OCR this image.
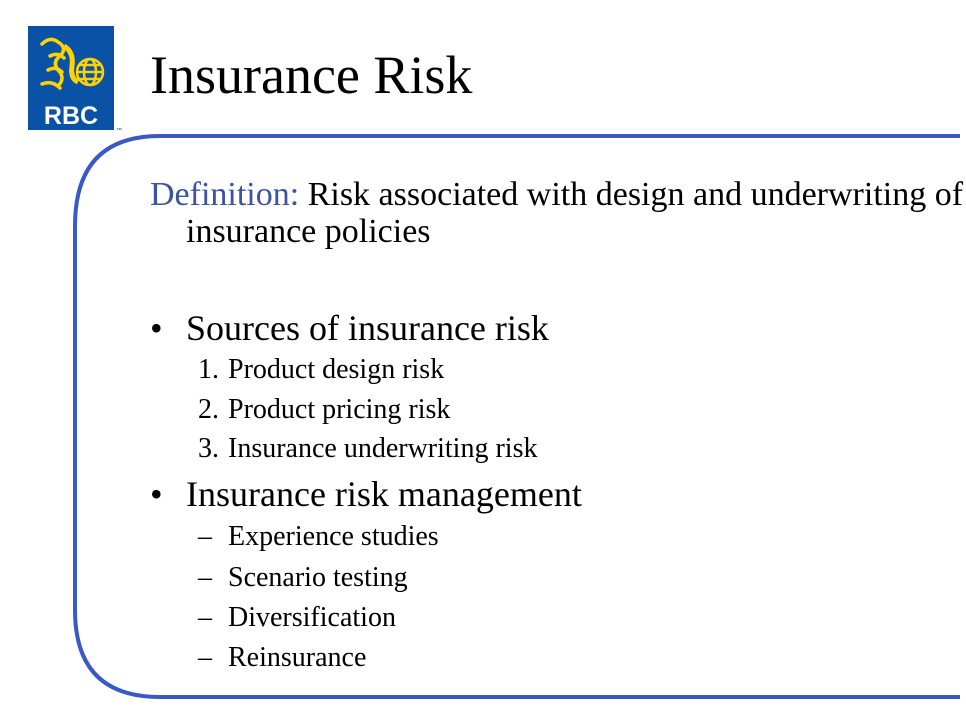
RBC
™
Insurance Risk
Definition: Risk associated with design and underwriting of insurance policies
• Sources of insurance risk
1. Product design risk
2. Product pricing risk
3. Insurance underwriting risk
• Insurance risk management
– Experience studies
– Scenario testing
– Diversification
– Reinsurance
